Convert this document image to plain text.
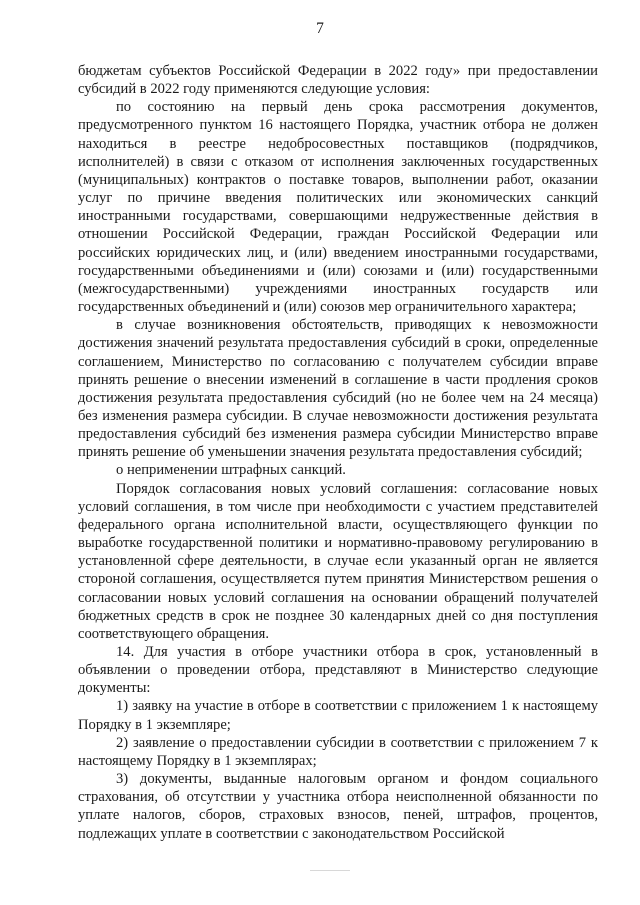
7

бюджетам субъектов Российской Федерации в 2022 году» при предоставлении субсидий в 2022 году применяются следующие условия:

по состоянию на первый день срока рассмотрения документов, предусмотренного пунктом 16 настоящего Порядка, участник отбора не должен находиться в реестре недобросовестных поставщиков (подрядчиков, исполнителей) в связи с отказом от исполнения заключенных государственных (муниципальных) контрактов о поставке товаров, выполнении работ, оказании услуг по причине введения политических или экономических санкций иностранными государствами, совершающими недружественные действия в отношении Российской Федерации, граждан Российской Федерации или российских юридических лиц, и (или) введением иностранными государствами, государственными объединениями и (или) союзами и (или) государственными (межгосударственными) учреждениями иностранных государств или государственных объединений и (или) союзов мер ограничительного характера;

в случае возникновения обстоятельств, приводящих к невозможности достижения значений результата предоставления субсидий в сроки, определенные соглашением, Министерство по согласованию с получателем субсидии вправе принять решение о внесении изменений в соглашение в части продления сроков достижения результата предоставления субсидий (но не более чем на 24 месяца) без изменения размера субсидии. В случае невозможности достижения результата предоставления субсидий без изменения размера субсидии Министерство вправе принять решение об уменьшении значения результата предоставления субсидий;

о неприменении штрафных санкций.

Порядок согласования новых условий соглашения: согласование новых условий соглашения, в том числе при необходимости с участием представителей федерального органа исполнительной власти, осуществляющего функции по выработке государственной политики и нормативно-правовому регулированию в установленной сфере деятельности, в случае если указанный орган не является стороной соглашения, осуществляется путем принятия Министерством решения о согласовании новых условий соглашения на основании обращений получателей бюджетных средств в срок не позднее 30 календарных дней со дня поступления соответствующего обращения.

14. Для участия в отборе участники отбора в срок, установленный в объявлении о проведении отбора, представляют в Министерство следующие документы:

1) заявку на участие в отборе в соответствии с приложением 1 к настоящему Порядку в 1 экземпляре;

2) заявление о предоставлении субсидии в соответствии с приложением 7 к настоящему Порядку в 1 экземплярах;

3) документы, выданные налоговым органом и фондом социального страхования, об отсутствии у участника отбора неисполненной обязанности по уплате налогов, сборов, страховых взносов, пеней, штрафов, процентов, подлежащих уплате в соответствии с законодательством Российской
